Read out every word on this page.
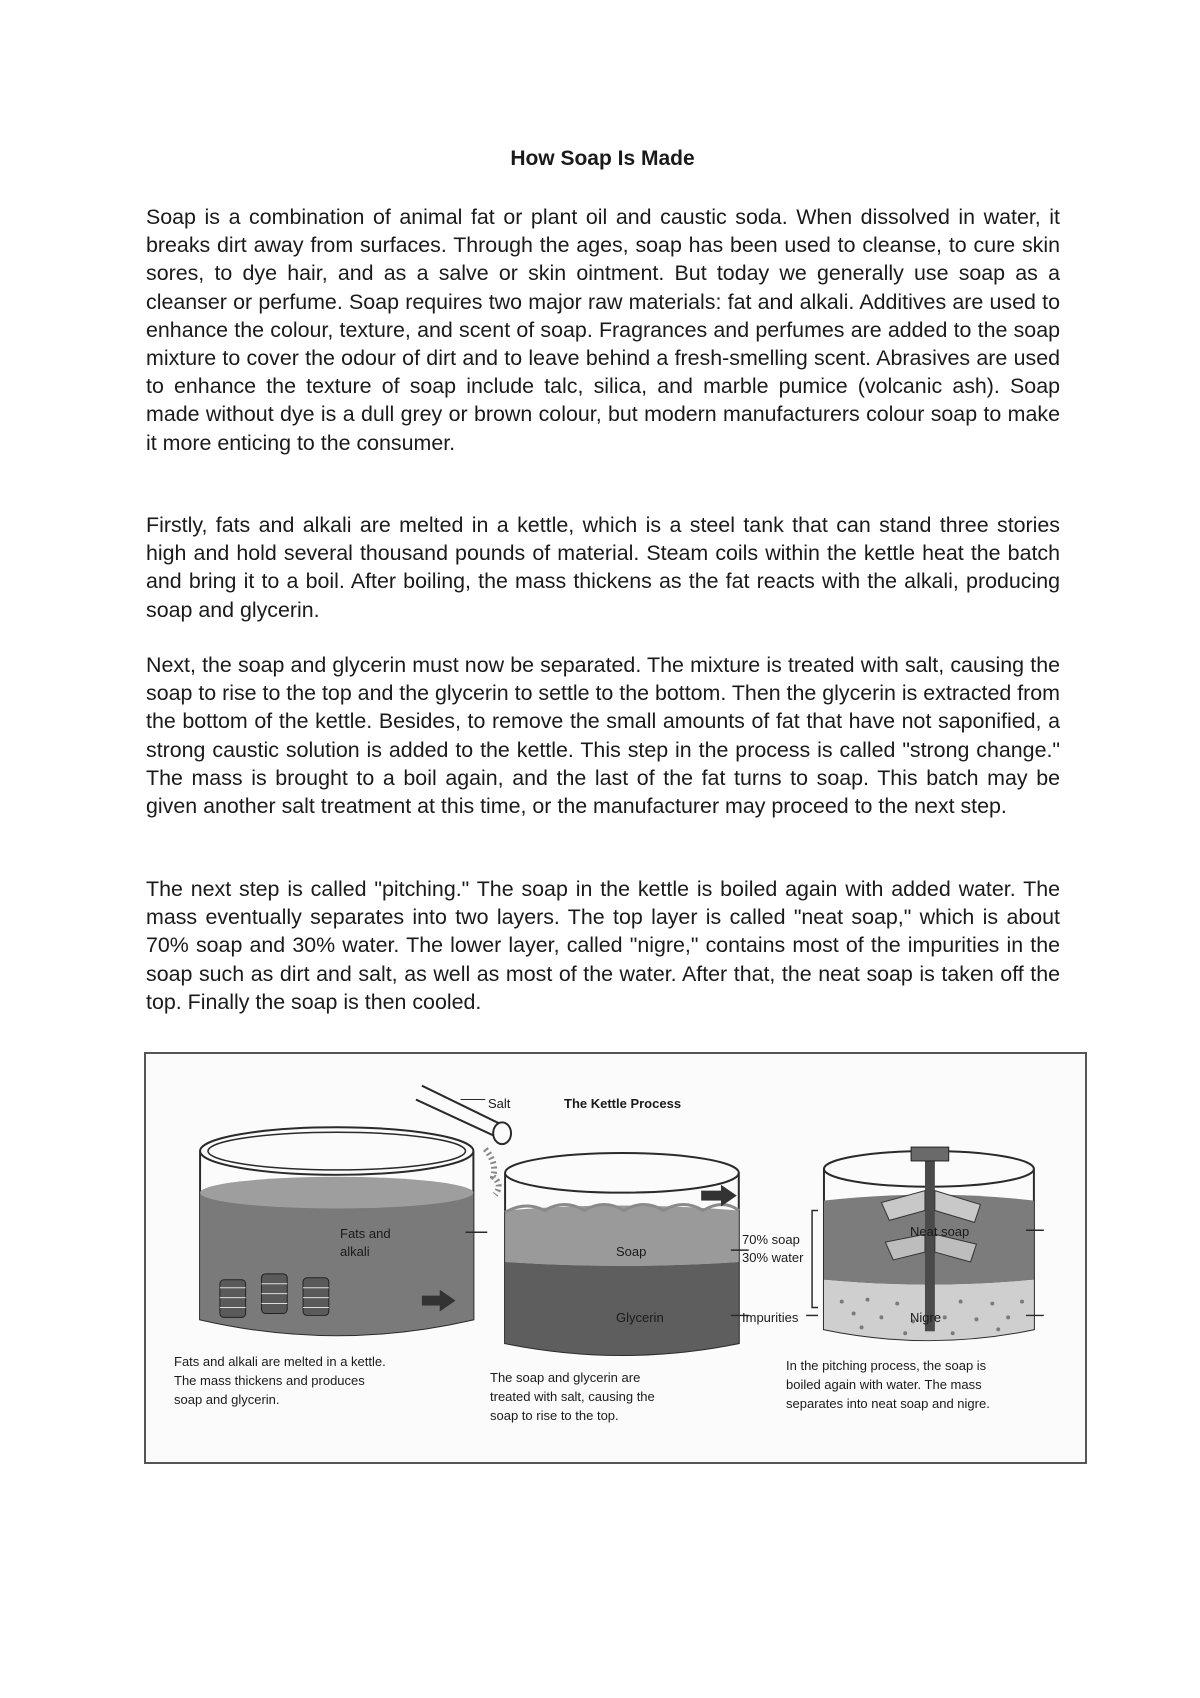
How Soap Is Made

Soap is a combination of animal fat or plant oil and caustic soda. When dissolved in water, it breaks dirt away from surfaces. Through the ages, soap has been used to cleanse, to cure skin sores, to dye hair, and as a salve or skin ointment. But today we generally use soap as a cleanser or perfume. Soap requires two major raw materials: fat and alkali. Additives are used to enhance the colour, texture, and scent of soap. Fragrances and perfumes are added to the soap mixture to cover the odour of dirt and to leave behind a fresh-smelling scent. Abrasives are used to enhance the texture of soap include talc, silica, and marble pumice (volcanic ash). Soap made without dye is a dull grey or brown colour, but modern manufacturers colour soap to make it more enticing to the consumer.

Firstly, fats and alkali are melted in a kettle, which is a steel tank that can stand three stories high and hold several thousand pounds of material. Steam coils within the kettle heat the batch and bring it to a boil. After boiling, the mass thickens as the fat reacts with the alkali, producing soap and glycerin.

Next, the soap and glycerin must now be separated. The mixture is treated with salt, causing the soap to rise to the top and the glycerin to settle to the bottom. Then the glycerin is extracted from the bottom of the kettle. Besides, to remove the small amounts of fat that have not saponified, a strong caustic solution is added to the kettle. This step in the process is called "strong change." The mass is brought to a boil again, and the last of the fat turns to soap. This batch may be given another salt treatment at this time, or the manufacturer may proceed to the next step.

The next step is called "pitching." The soap in the kettle is boiled again with added water. The mass eventually separates into two layers. The top layer is called "neat soap," which is about 70% soap and 30% water. The lower layer, called "nigre," contains most of the impurities in the soap such as dirt and salt, as well as most of the water. After that, the neat soap is taken off the top. Finally the soap is then cooled.

Salt	The Kettle Process

Fats and

alkali	Soap

Glycerin

70% soap

30% water

Impurities

Neat soap

Nigre

Fats and alkali are melted in a kettle.
The mass thickens and produces
soap and glycerin.
The soap and glycerin are
treated with salt, causing the
soap to rise to the top.
In the pitching process, the soap is
boiled again with water. The mass
separates into neat soap and nigre.
